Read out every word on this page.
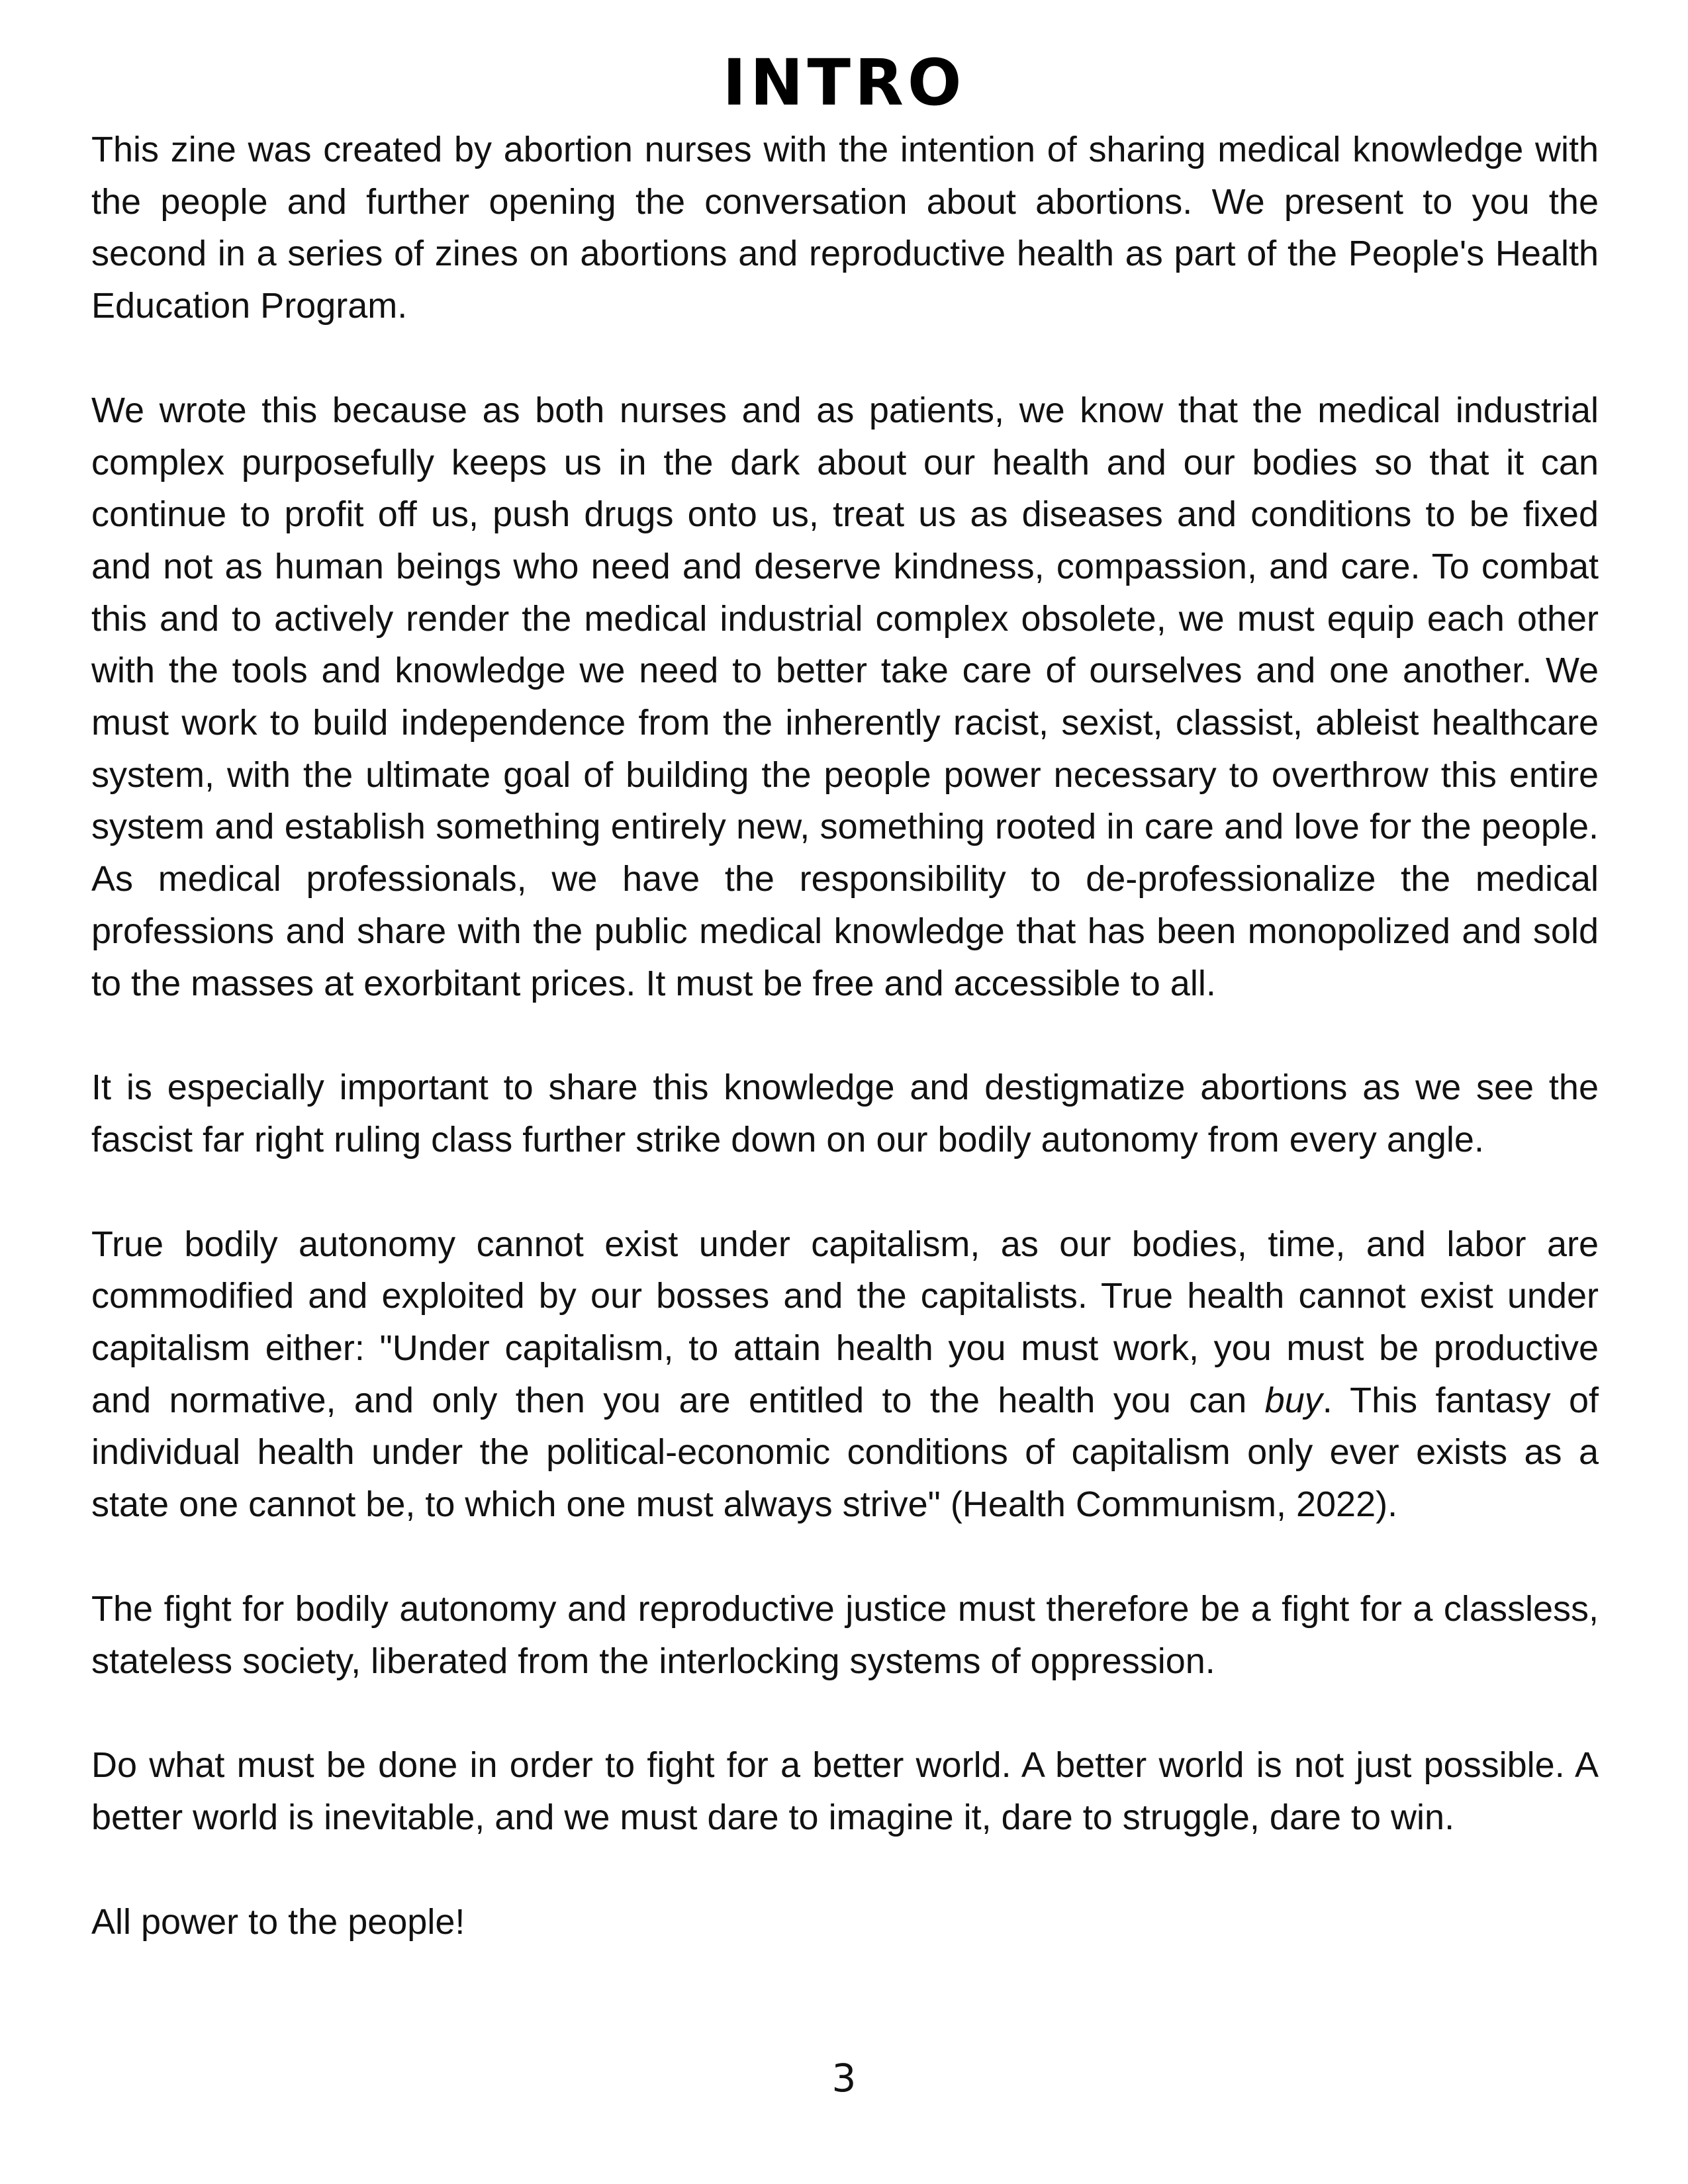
INTRO

This zine was created by abortion nurses with the intention of sharing medical knowledge with the people and further opening the conversation about abortions. We present to you the second in a series of zines on abortions and reproductive health as part of the People's Health Education Program.

We wrote this because as both nurses and as patients, we know that the medical industrial complex purposefully keeps us in the dark about our health and our bodies so that it can continue to profit off us, push drugs onto us, treat us as diseases and conditions to be fixed and not as human beings who need and deserve kindness, compassion, and care. To combat this and to actively render the medical industrial complex obsolete, we must equip each other with the tools and knowledge we need to better take care of ourselves and one another. We must work to build independence from the inherently racist, sexist, classist, ableist healthcare system, with the ultimate goal of building the people power necessary to overthrow this entire system and establish something entirely new, something rooted in care and love for the people. As medical professionals, we have the responsibility to de-professionalize the medical professions and share with the public medical knowledge that has been monopolized and sold to the masses at exorbitant prices. It must be free and accessible to all.

It is especially important to share this knowledge and destigmatize abortions as we see the fascist far right ruling class further strike down on our bodily autonomy from every angle.

True bodily autonomy cannot exist under capitalism, as our bodies, time, and labor are commodified and exploited by our bosses and the capitalists. True health cannot exist under capitalism either: "Under capitalism, to attain health you must work, you must be productive and normative, and only then you are entitled to the health you can buy. This fantasy of individual health under the political-economic conditions of capitalism only ever exists as a state one cannot be, to which one must always strive" (Health Communism, 2022).

The fight for bodily autonomy and reproductive justice must therefore be a fight for a classless, stateless society, liberated from the interlocking systems of oppression.

Do what must be done in order to fight for a better world. A better world is not just possible. A better world is inevitable, and we must dare to imagine it, dare to struggle, dare to win.

All power to the people!

3
